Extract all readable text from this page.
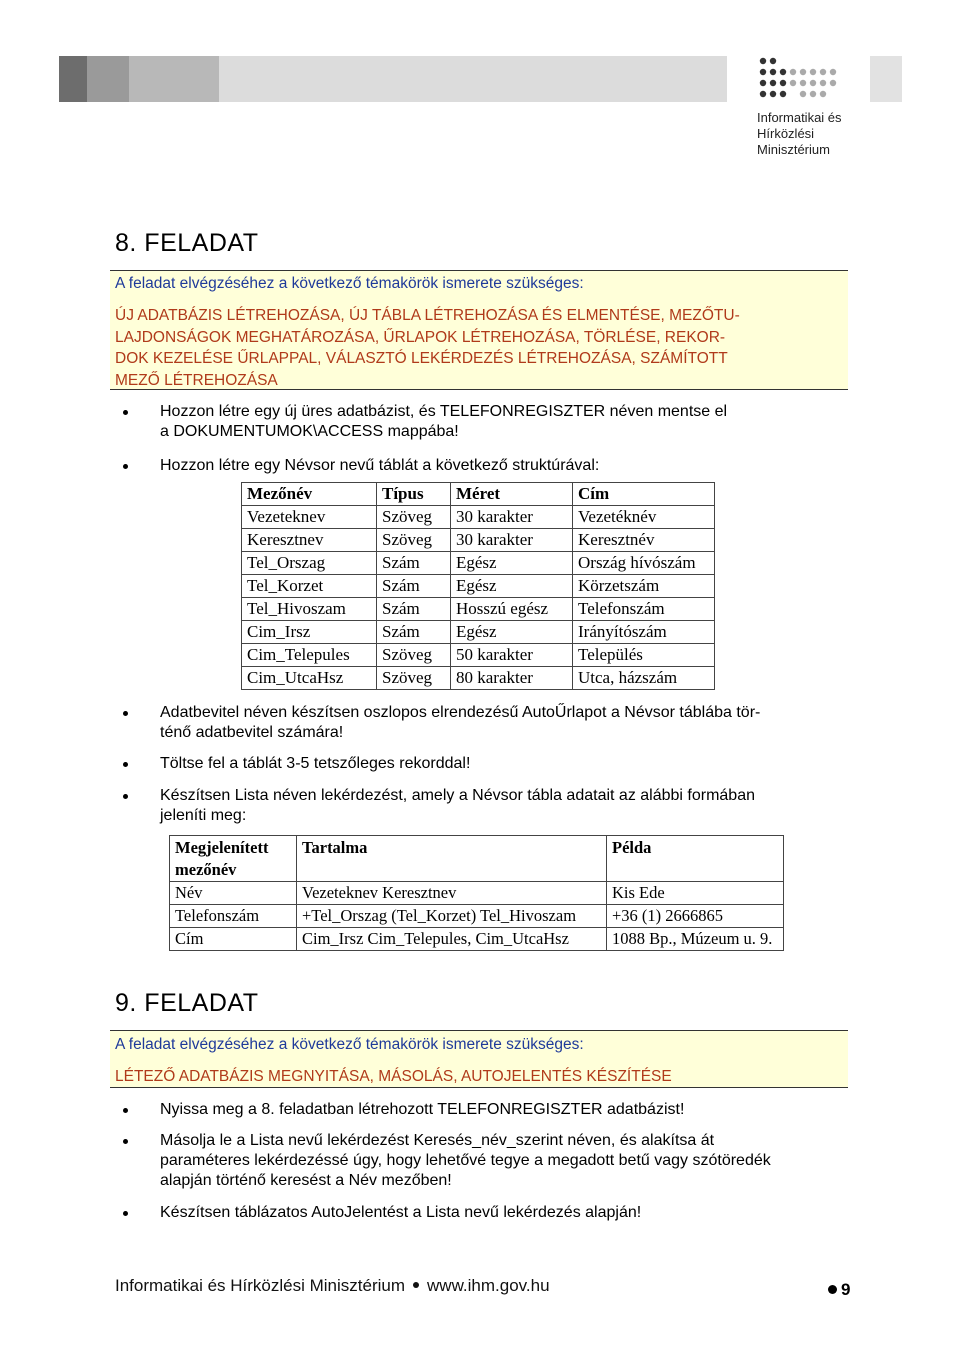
Informatikai és
Hírközlési
Minisztérium
8. FELADAT
A feladat elvégzéséhez a következő témakörök ismerete szükséges:
ÚJ ADATBÁZIS LÉTREHOZÁSA, ÚJ TÁBLA LÉTREHOZÁSA ÉS ELMENTÉSE, MEZŐTU-
LAJDONSÁGOK MEGHATÁROZÁSA, ŰRLAPOK LÉTREHOZÁSA, TÖRLÉSE, REKOR-
DOK KEZELÉSE ŰRLAPPAL, VÁLASZTÓ LEKÉRDEZÉS LÉTREHOZÁSA, SZÁMÍTOTT
MEZŐ LÉTREHOZÁSA
Hozzon létre egy új üres adatbázist, és TELEFONREGISZTER néven mentse el
a DOKUMENTUMOK\ACCESS mappába!
Hozzon létre egy Névsor nevű táblát a következő struktúrával:
Adatbevitel néven készítsen oszlopos elrendezésű AutoŰrlapot a Névsor táblába tör-
ténő adatbevitel számára!
Töltse fel a táblát 3-5 tetszőleges rekorddal!
Készítsen Lista néven lekérdezést, amely a Névsor tábla adatait az alábbi formában
jeleníti meg:
Mezőnév	Típus	Méret	Cím
Vezeteknev	Szöveg	30 karakter	Vezetéknév
Keresztnev	Szöveg	30 karakter	Keresztnév
Tel_Orszag	Szám	Egész	Ország hívószám
Tel_Korzet	Szám	Egész	Körzetszám
Tel_Hivoszam	Szám	Hosszú egész	Telefonszám
Cim_Irsz	Szám	Egész	Irányítószám
Cim_Telepules	Szöveg	50 karakter	Település
Cim_UtcaHsz	Szöveg	80 karakter	Utca, házszám
Megjelenített
mezőnév	Tartalma	Példa
Név	Vezeteknev Keresztnev	Kis Ede
Telefonszám	+Tel_Orszag (Tel_Korzet) Tel_Hivoszam	+36 (1) 2666865
Cím	Cim_Irsz Cim_Telepules, Cim_UtcaHsz	1088 Bp., Múzeum u. 9.
9. FELADAT
A feladat elvégzéséhez a következő témakörök ismerete szükséges:
LÉTEZŐ ADATBÁZIS MEGNYITÁSA, MÁSOLÁS, AUTOJELENTÉS KÉSZÍTÉSE
Nyissa meg a 8. feladatban létrehozott TELEFONREGISZTER adatbázist!
Másolja le a Lista nevű lekérdezést Keresés_név_szerint néven, és alakítsa át
paraméteres lekérdezéssé úgy, hogy lehetővé tegye a megadott betű vagy szótöredék
alapján történő keresést a Név mezőben!
Készítsen táblázatos AutoJelentést a Lista nevű lekérdezés alapján!
Informatikai és Hírközlési Minisztérium www.ihm.gov.hu	9
